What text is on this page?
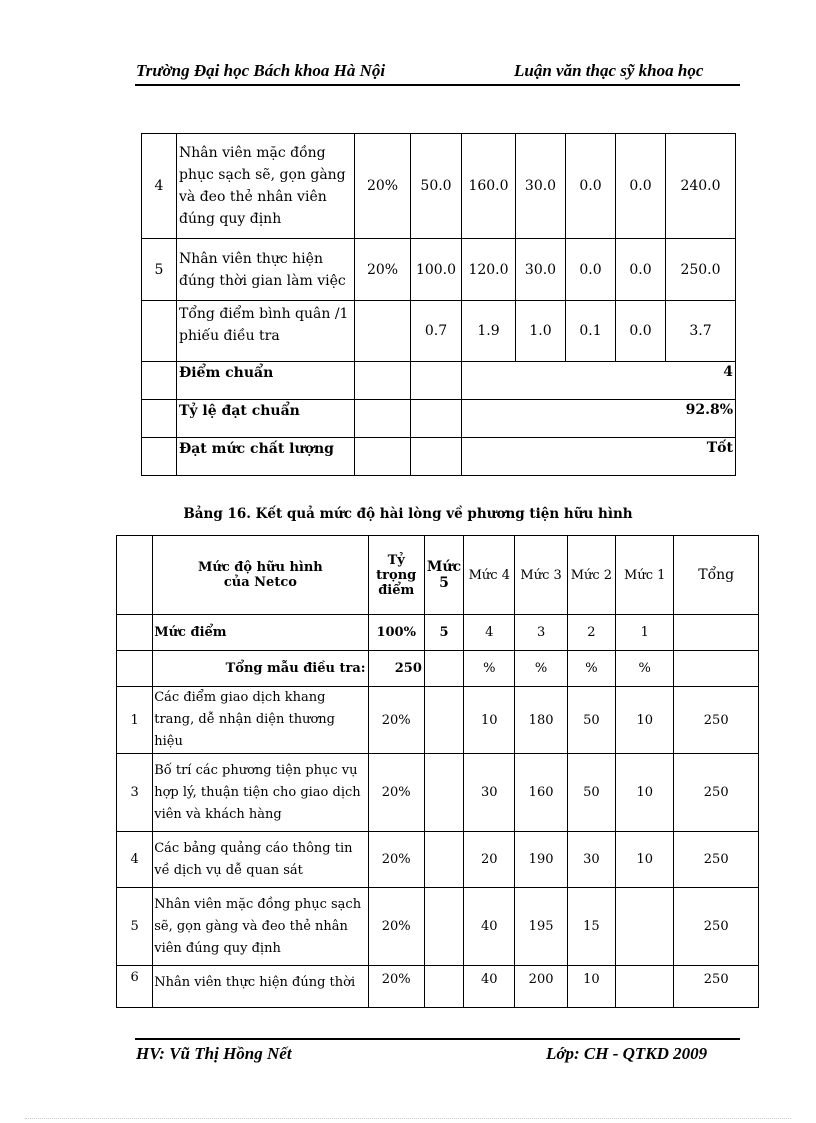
Trường Đại học Bách khoa Hà Nội	Luận văn thạc sỹ khoa học
4	Nhân viên mặc đồng phục sạch sẽ, gọn gàng và đeo thẻ nhân viên đúng quy định	20%	50.0	160.0	30.0	0.0	0.0	240.0
5	Nhân viên thực hiện đúng thời gian làm việc	20%	100.0	120.0	30.0	0.0	0.0	250.0
	Tổng điểm bình quân /1 phiếu điều tra		0.7	1.9	1.0	0.1	0.0	3.7
	Điểm chuẩn			4				
	Tỷ lệ đạt chuẩn			92.8%				
	Đạt mức chất lượng			Tốt				
Bảng 16. Kết quả mức độ hài lòng về phương tiện hữu hình
	Mức độ hữu hình của Netco	Tỷ trọng điểm	Mức 5	Mức 4	Mức 3	Mức 2	Mức 1	Tổng
	Mức điểm	100%	5	4	3	2	1	
	Tổng mẫu điều tra:	250		%	%	%	%	
1	Các điểm giao dịch khang trang, dễ nhận diện thương hiệu	20%		10	180	50	10	250
3	Bố trí các phương tiện phục vụ hợp lý, thuận tiện cho giao dịch viên và khách hàng	20%		30	160	50	10	250
4	Các bảng quảng cáo thông tin về dịch vụ dễ quan sát	20%		20	190	30	10	250
5	Nhân viên mặc đồng phục sạch sẽ, gọn gàng và đeo thẻ nhân viên đúng quy định	20%		40	195	15		250
6	Nhân viên thực hiện đúng thời	20%		40	200	10		250
HV: Vũ Thị Hồng Nết	Lớp: CH - QTKD 2009
